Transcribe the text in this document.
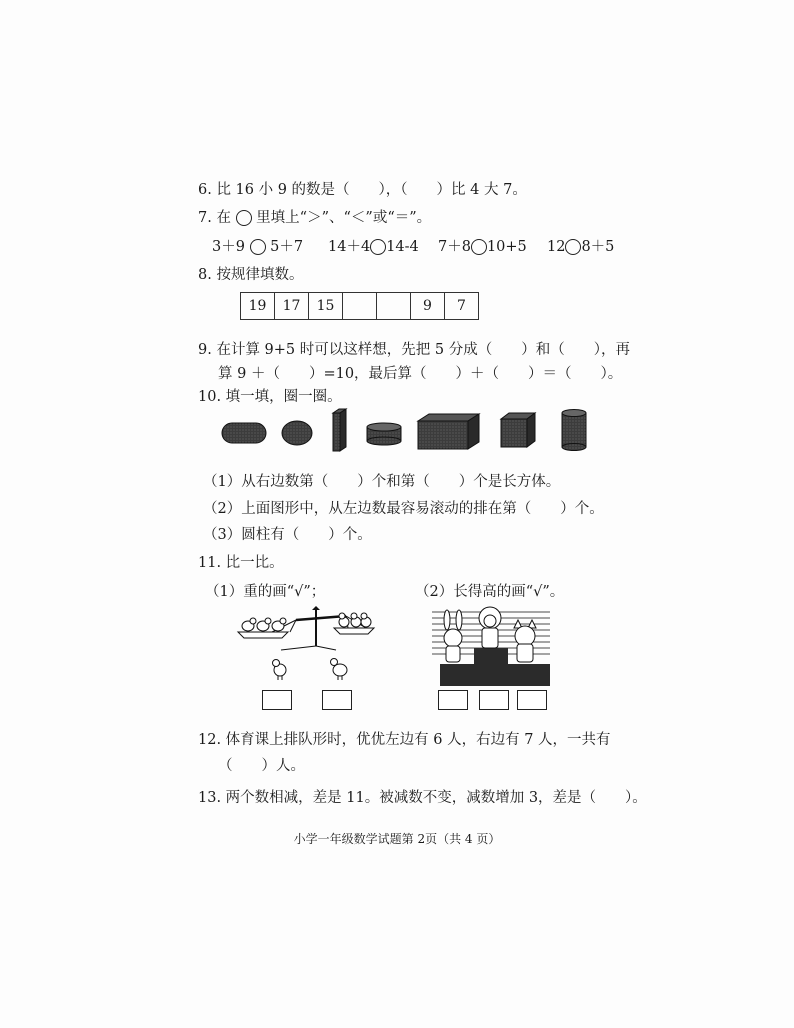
6. 比 16 小 9 的数是（　　），（　　）比 4 大 7。
7. 在 里填上“＞”、“＜”或“＝”。
3＋9 5＋7 14＋4 14-4 7＋8 10+5 12 8＋5
8. 按规律填数。
19	17	15			9	7
9. 在计算 9+5 时可以这样想，先把 5 分成（　　）和（　　），再
算 9 ＋（　　）=10，最后算（　　）＋（　　）＝（　　）。
10. 填一填，圈一圈。
（1）从右边数第（　　）个和第（　　）个是长方体。
（2）上面图形中，从左边数最容易滚动的排在第（　　）个。
（3）圆柱有（　　）个。
11. 比一比。
（1）重的画“√”；	（2）长得高的画“√”。
12. 体育课上排队形时，优优左边有 6 人，右边有 7 人，一共有
（　　）人。
13. 两个数相减，差是 11。被减数不变，减数增加 3，差是（　　）。
小学一年级数学试题第 2页（共 4 页）
